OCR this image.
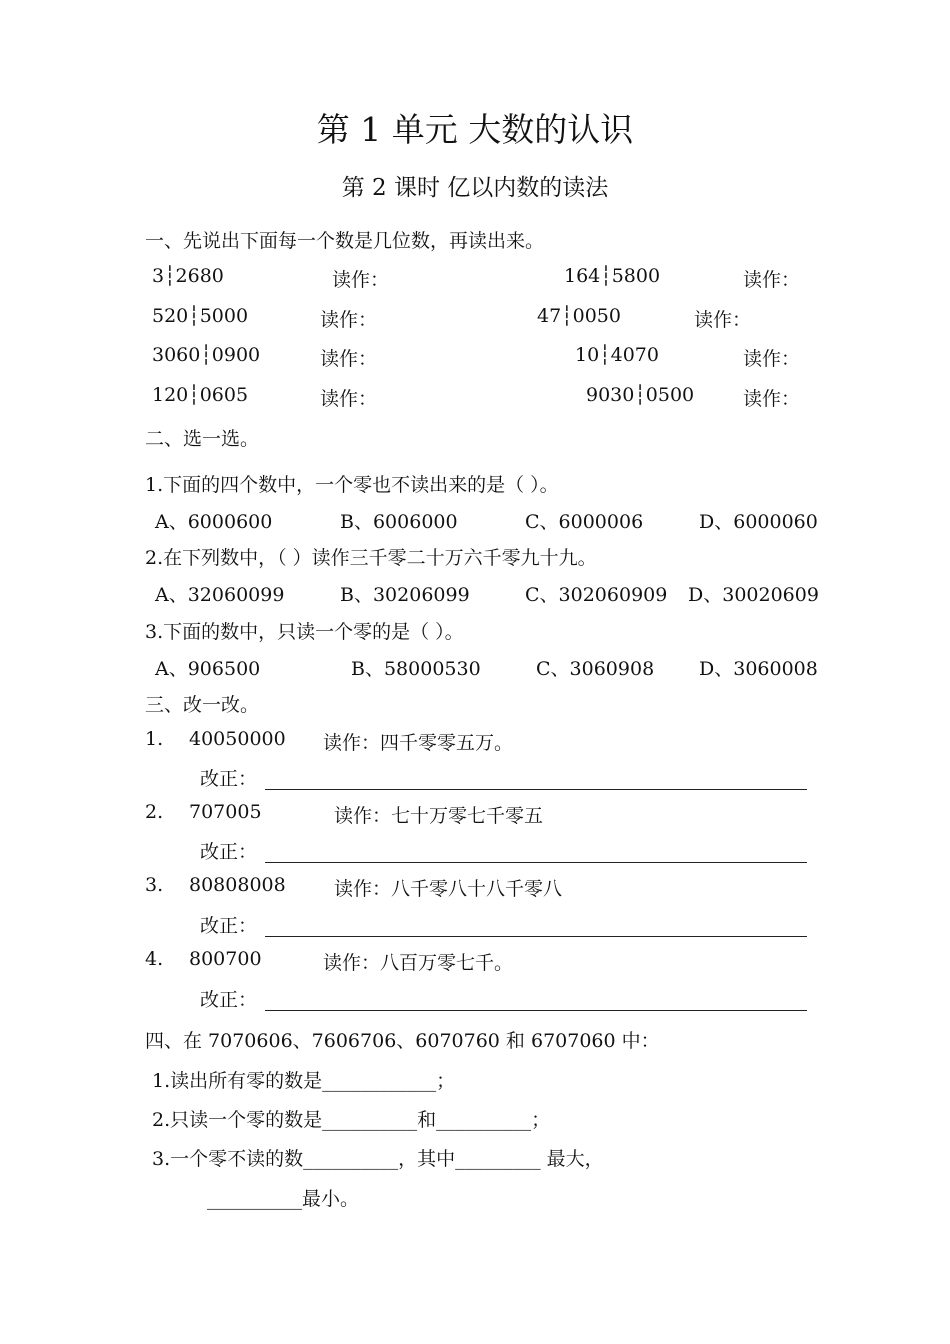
第 1 单元 大数的认识
第 2 课时 亿以内数的读法
一、先说出下面每一个数是几位数，再读出来。
3┆2680	读作：	164┆5800	读作：
520┆5000	读作：	47┆0050	读作：
3060┆0900	读作：	10┆4070	读作：
120┆0605	读作：	9030┆0500	读作：
二、选一选。
1.下面的四个数中，一个零也不读出来的是（ ）。
A、6000600	B、6006000	C、6000006	D、6000060
2.在下列数中，（ ）读作三千零二十万六千零九十九。
A、32060099	B、30206099	C、302060909 D、30020609
3.下面的数中，只读一个零的是（ ）。
A、906500	B、58000530	C、3060908 D、3060008
三、改一改。
1. 40050000 读作：四千零零五万。
改正：
2. 707005	读作：七十万零七千零五
改正：
3. 80808008	读作：八千零八十八千零八
改正：
4. 800700	读作：八百万零七千。
改正：
四、在 7070606、7606706、6070760 和 6707060 中：
1.读出所有零的数是____________；
2.只读一个零的数是__________和__________；
3.一个零不读的数__________，其中_________ 最大，
__________最小。
